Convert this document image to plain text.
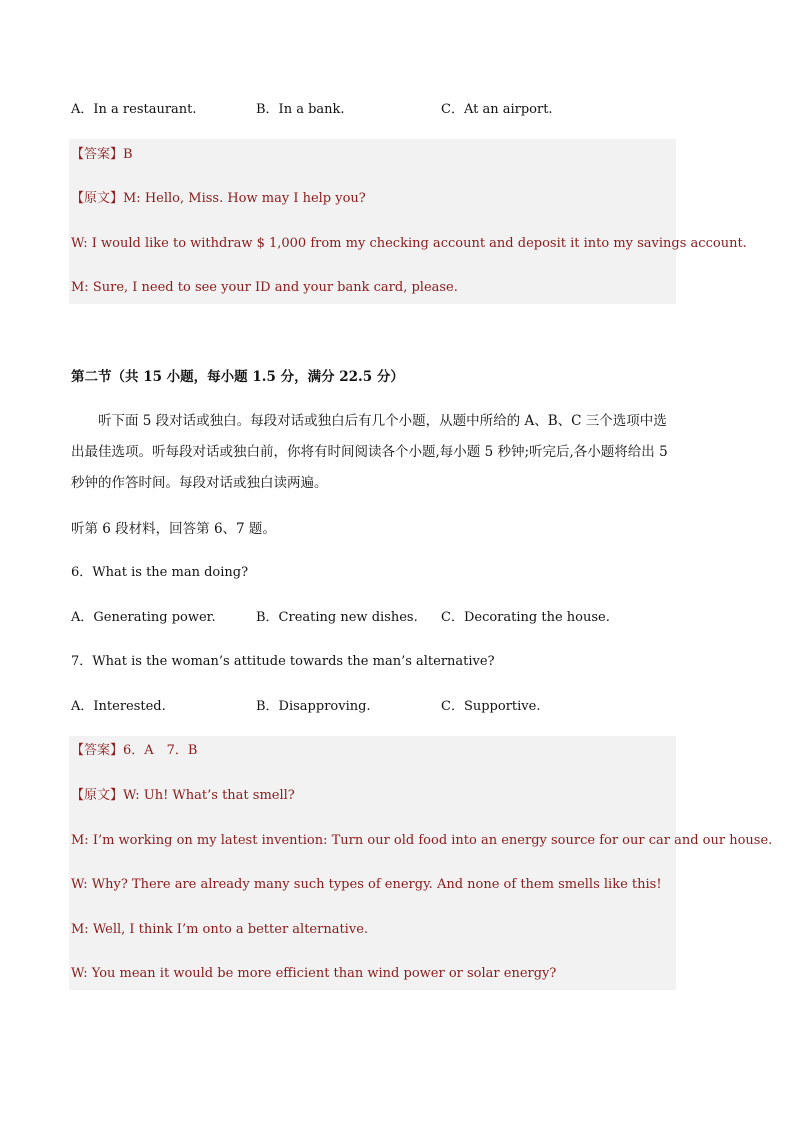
A．In a restaurant.	B．In a bank.	C．At an airport.
【答案】B
【原文】M: Hello, Miss. How may I help you?
W: I would like to withdraw $ 1,000 from my checking account and deposit it into my savings account.
M: Sure, I need to see your ID and your bank card, please.
第二节（共 15 小题，每小题 1.5 分，满分 22.5 分）
听下面 5 段对话或独白。每段对话或独白后有几个小题，从题中所给的 A、B、C 三个选项中选出最佳选项。听每段对话或独白前，你将有时间阅读各个小题,每小题 5 秒钟;听完后,各小题将给出 5 秒钟的作答时间。每段对话或独白读两遍。
听第 6 段材料，回答第 6、7 题。
6．What is the man doing?
A．Generating power.	B．Creating new dishes. C．Decorating the house.
7．What is the woman’s attitude towards the man’s alternative?
A．Interested.	B．Disapproving.	C．Supportive.
【答案】6．A　7．B
【原文】W: Uh! What’s that smell?
M: I’m working on my latest invention: Turn our old food into an energy source for our car and our house.
W: Why? There are already many such types of energy. And none of them smells like this!
M: Well, I think I’m onto a better alternative.
W: You mean it would be more efficient than wind power or solar energy?
